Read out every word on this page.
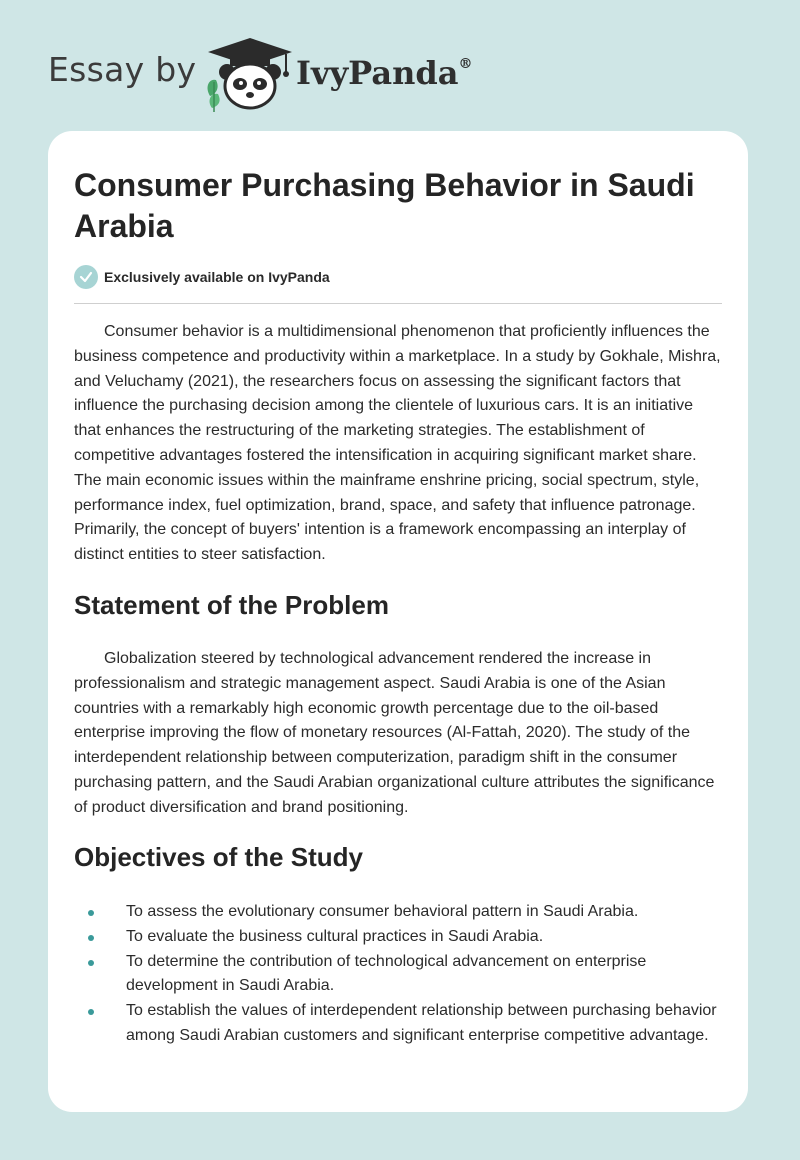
Essay by	IvyPanda®
Consumer Purchasing Behavior in Saudi Arabia
Exclusively available on IvyPanda

Consumer behavior is a multidimensional phenomenon that proficiently influences the business competence and productivity within a marketplace. In a study by Gokhale, Mishra, and Veluchamy (2021), the researchers focus on assessing the significant factors that influence the purchasing decision among the clientele of luxurious cars. It is an initiative that enhances the restructuring of the marketing strategies. The establishment of competitive advantages fostered the intensification in acquiring significant market share. The main economic issues within the mainframe enshrine pricing, social spectrum, style, performance index, fuel optimization, brand, space, and safety that influence patronage. Primarily, the concept of buyers' intention is a framework encompassing an interplay of distinct entities to steer satisfaction.

Statement of the Problem

Globalization steered by technological advancement rendered the increase in professionalism and strategic management aspect. Saudi Arabia is one of the Asian countries with a remarkably high economic growth percentage due to the oil-based enterprise improving the flow of monetary resources (Al-Fattah, 2020). The study of the interdependent relationship between computerization, paradigm shift in the consumer purchasing pattern, and the Saudi Arabian organizational culture attributes the significance of product diversification and brand positioning.

Objectives of the Study
To assess the evolutionary consumer behavioral pattern in Saudi Arabia.
To evaluate the business cultural practices in Saudi Arabia.
To determine the contribution of technological advancement on enterprise development in Saudi Arabia.
To establish the values of interdependent relationship between purchasing behavior among Saudi Arabian customers and significant enterprise competitive advantage.
